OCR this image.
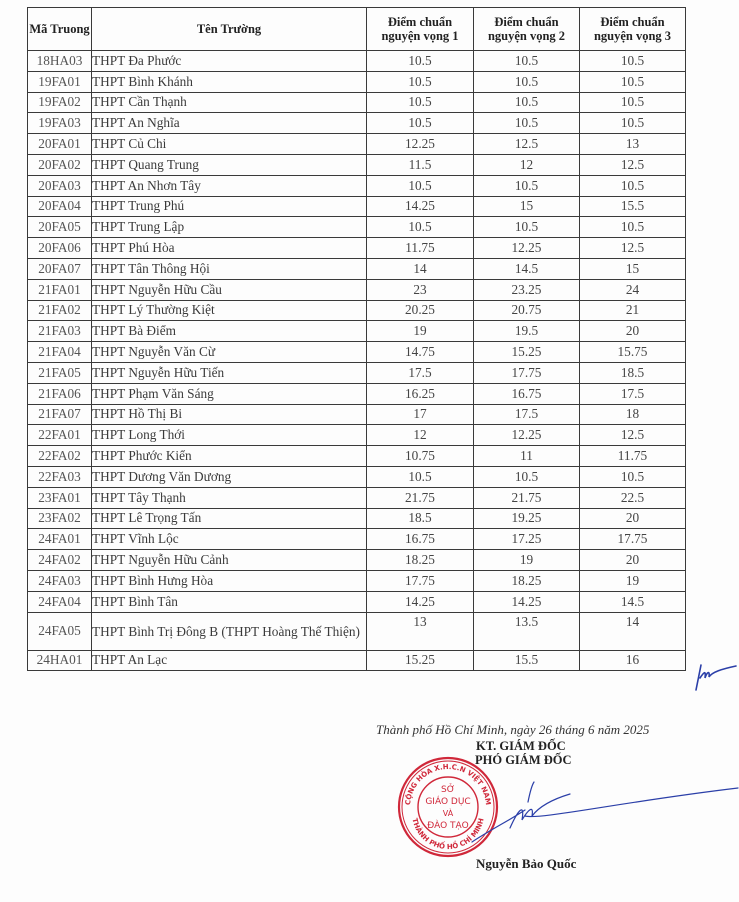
Mã Truong	Tên Trường	Điểm chuẩn nguyện vọng 1	Điểm chuẩn nguyện vọng 2	Điểm chuẩn nguyện vọng 3
18HA03	THPT Đa Phước	10.5	10.5	10.5
19FA01	THPT Bình Khánh	10.5	10.5	10.5
19FA02	THPT Cần Thạnh	10.5	10.5	10.5
19FA03	THPT An Nghĩa	10.5	10.5	10.5
20FA01	THPT Củ Chi	12.25	12.5	13
20FA02	THPT Quang Trung	11.5	12	12.5
20FA03	THPT An Nhơn Tây	10.5	10.5	10.5
20FA04	THPT Trung Phú	14.25	15	15.5
20FA05	THPT Trung Lập	10.5	10.5	10.5
20FA06	THPT Phú Hòa	11.75	12.25	12.5
20FA07	THPT Tân Thông Hội	14	14.5	15
21FA01	THPT Nguyễn Hữu Cầu	23	23.25	24
21FA02	THPT Lý Thường Kiệt	20.25	20.75	21
21FA03	THPT Bà Điểm	19	19.5	20
21FA04	THPT Nguyễn Văn Cừ	14.75	15.25	15.75
21FA05	THPT Nguyễn Hữu Tiến	17.5	17.75	18.5
21FA06	THPT Phạm Văn Sáng	16.25	16.75	17.5
21FA07	THPT Hồ Thị Bi	17	17.5	18
22FA01	THPT Long Thới	12	12.25	12.5
22FA02	THPT Phước Kiển	10.75	11	11.75
22FA03	THPT Dương Văn Dương	10.5	10.5	10.5
23FA01	THPT Tây Thạnh	21.75	21.75	22.5
23FA02	THPT Lê Trọng Tấn	18.5	19.25	20
24FA01	THPT Vĩnh Lộc	16.75	17.25	17.75
24FA02	THPT Nguyễn Hữu Cảnh	18.25	19	20
24FA03	THPT Bình Hưng Hòa	17.75	18.25	19
24FA04	THPT Bình Tân	14.25	14.25	14.5
24FA05	THPT Bình Trị Đông B (THPT Hoàng Thế Thiện)	13	13.5	14
24HA01	THPT An Lạc	15.25	15.5	16
Thành phố Hồ Chí Minh, ngày 26 tháng 6 năm 2025
KT. GIÁM ĐỐC
PHÓ GIÁM ĐỐC
CỘNG HÒA X.H.C.N VIỆT NAM
THÀNH PHỐ HỒ CHÍ MINH
SỞ
GIÁO DỤC
VÀ
ĐÀO TẠO
Nguyễn Bảo Quốc
